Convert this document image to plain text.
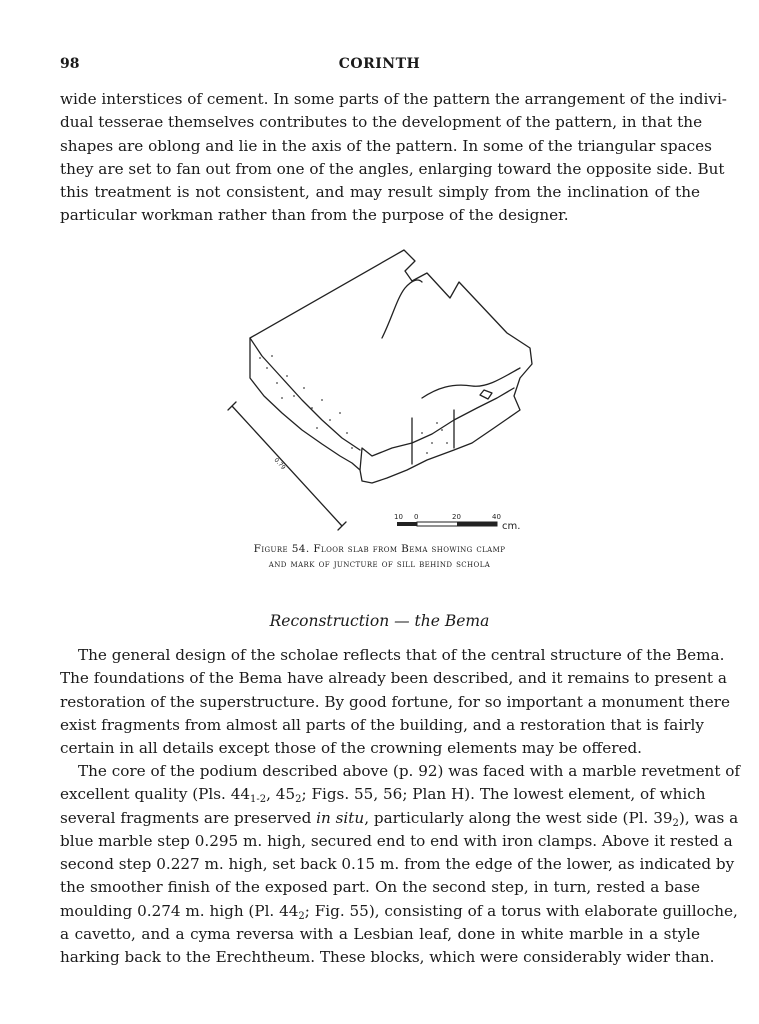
98	CORINTH
wide interstices of cement. In some parts of the pattern the arrangement of the indivi-
dual tesserae themselves contributes to the development of the pattern, in that the
shapes are oblong and lie in the axis of the pattern. In some of the triangular spaces
they are set to fan out from one of the angles, enlarging toward the opposite side. But
this treatment is not consistent, and may result simply from the inclination of the
particular workman rather than from the purpose of the designer.
0.79
10 0	20	40
cm.
Figure 54. Floor slab from Bema showing clamp
and mark of juncture of sill behind schola
Reconstruction — the Bema
The general design of the scholae reflects that of the central structure of the Bema.
The foundations of the Bema have already been described, and it remains to present a
restoration of the superstructure. By good fortune, for so important a monument there
exist fragments from almost all parts of the building, and a restoration that is fairly
certain in all details except those of the crowning elements may be offered.
The core of the podium described above (p. 92) was faced with a marble revetment of
excellent quality (Pls. $44_{1-2}$, $45_2$; Figs. 55, 56; Plan H). The lowest element, of which
several fragments are preserved in situ, particularly along the west side (Pl. $39_2$), was a
blue marble step 0.295 m. high, secured end to end with iron clamps. Above it rested a
second step 0.227 m. high, set back 0.15 m. from the edge of the lower, as indicated by
the smoother finish of the exposed part. On the second step, in turn, rested a base
moulding 0.274 m. high (Pl. $44_2$; Fig. 55), consisting of a torus with elaborate guilloche,
a cavetto, and a cyma reversa with a Lesbian leaf, done in white marble in a style
harking back to the Erechtheum. These blocks, which were considerably wider than.
